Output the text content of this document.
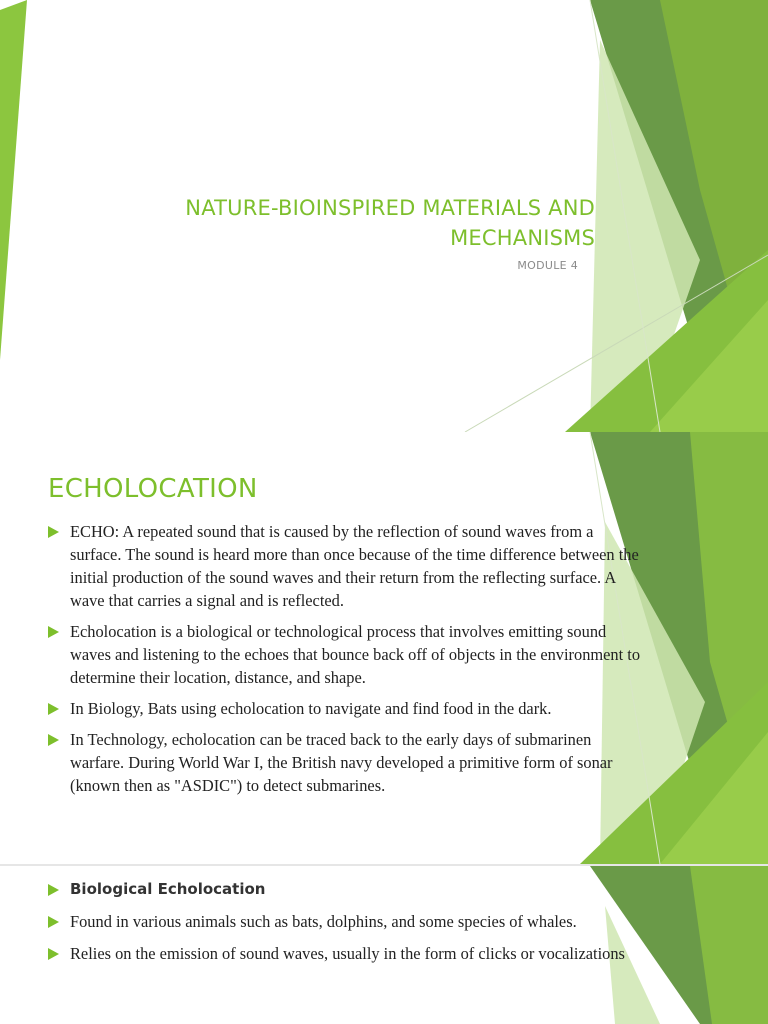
NATURE-BIOINSPIRED MATERIALS AND MECHANISMS

MODULE 4

ECHOLOCATION
ECHO: A repeated sound that is caused by the reflection of sound waves from a surface. The sound is heard more than once because of the time difference between the initial production of the sound waves and their return from the reflecting surface. A wave that carries a signal and is reflected.
Echolocation is a biological or technological process that involves emitting sound waves and listening to the echoes that bounce back off of objects in the environment to determine their location, distance, and shape.
In Biology, Bats using echolocation to navigate and find food in the dark.
In Technology, echolocation can be traced back to the early days of submarinen warfare. During World War I, the British navy developed a primitive form of sonar (known then as "ASDIC") to detect submarines.
Biological Echolocation
Found in various animals such as bats, dolphins, and some species of whales.
Relies on the emission of sound waves, usually in the form of clicks or vocalizations
